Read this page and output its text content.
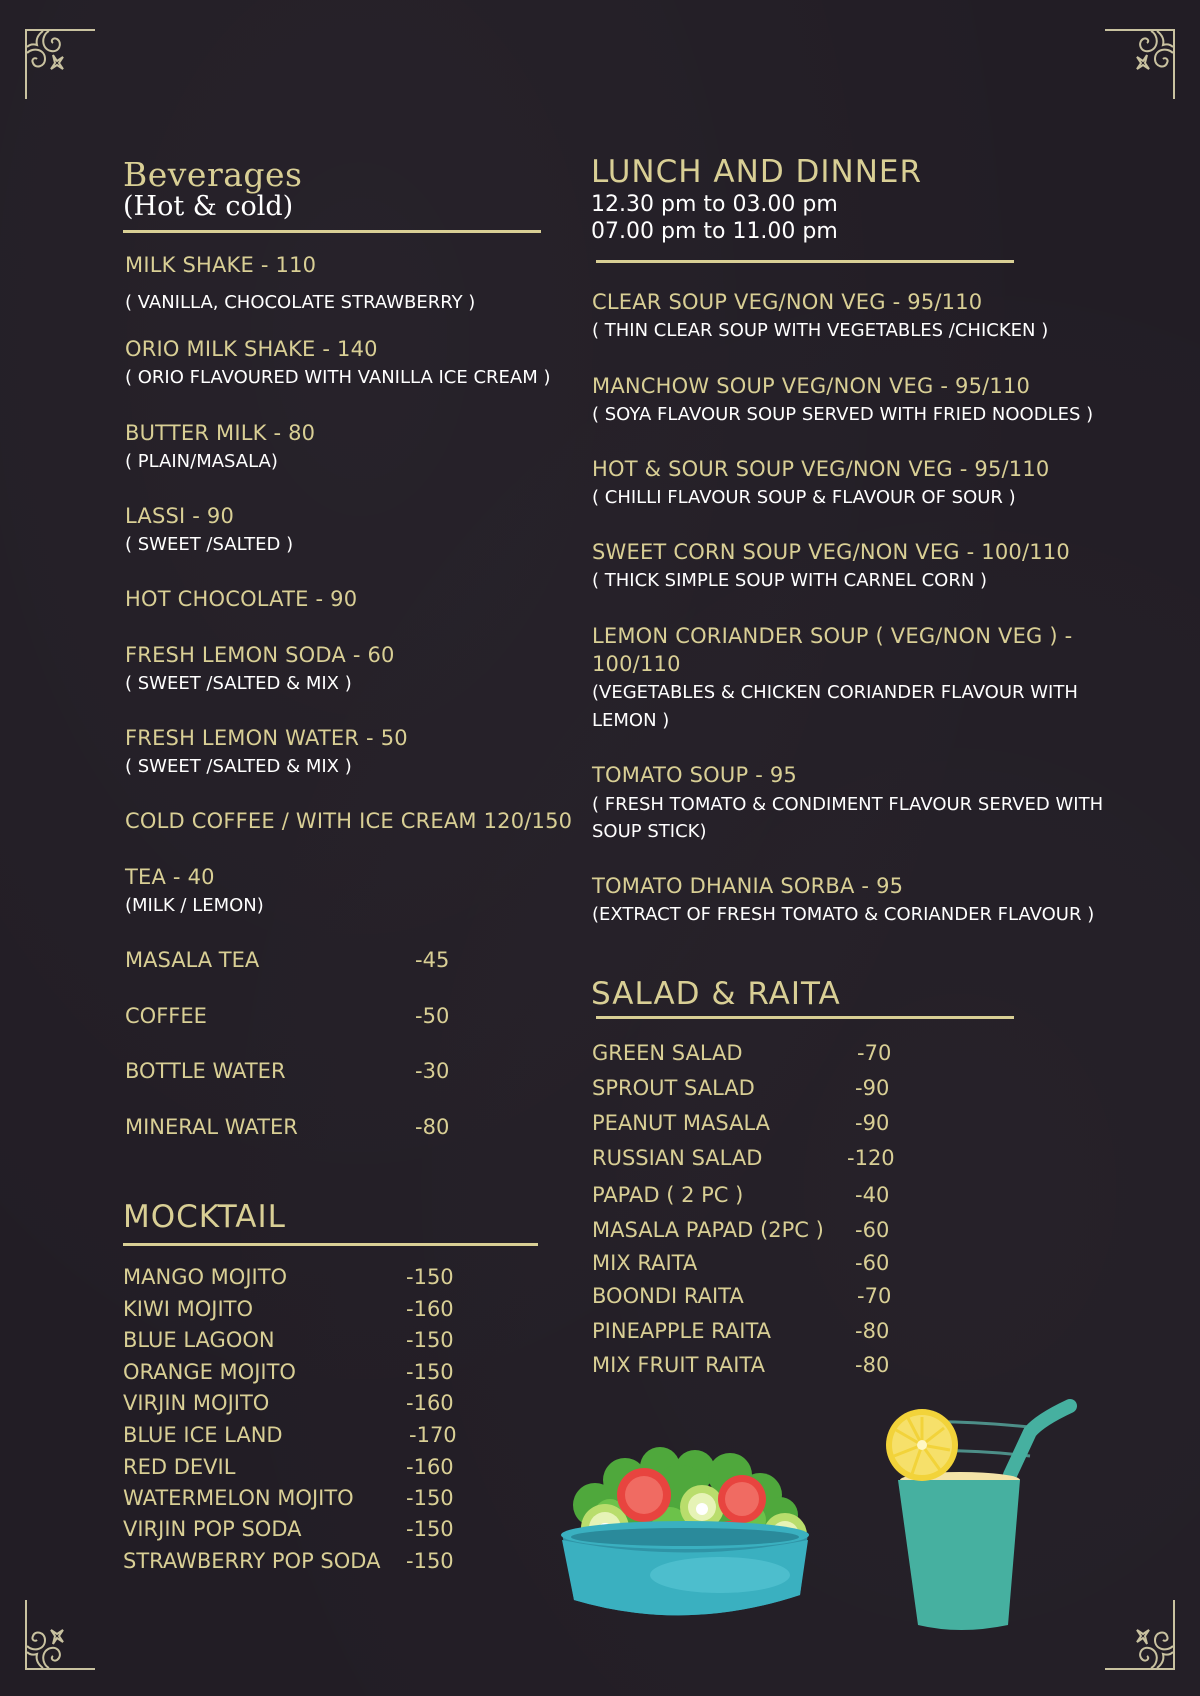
Beverages
(Hot & cold)
MILK SHAKE - 110
( VANILLA, CHOCOLATE STRAWBERRY )
ORIO MILK SHAKE - 140
( ORIO FLAVOURED WITH VANILLA ICE CREAM )
BUTTER MILK - 80
( PLAIN/MASALA)
LASSI - 90
( SWEET /SALTED )
HOT CHOCOLATE - 90
FRESH LEMON SODA - 60
( SWEET /SALTED & MIX )
FRESH LEMON WATER - 50
( SWEET /SALTED & MIX )
COLD COFFEE / WITH ICE CREAM 120/150
TEA - 40
(MILK / LEMON)
MASALA TEA	-45
COFFEE	-50
BOTTLE WATER	-30
MINERAL WATER	-80
MOCKTAIL
MANGO MOJITO	-150
KIWI MOJITO	-160
BLUE LAGOON	-150
ORANGE MOJITO	-150
VIRJIN MOJITO	-160
BLUE ICE LAND	-170
RED DEVIL	-160
WATERMELON MOJITO -150
VIRJIN POP SODA	-150
STRAWBERRY POP SODA -150
LUNCH AND DINNER
12.30 pm to 03.00 pm
07.00 pm to 11.00 pm
CLEAR SOUP VEG/NON VEG - 95/110
( THIN CLEAR SOUP WITH VEGETABLES /CHICKEN )
MANCHOW SOUP VEG/NON VEG - 95/110
( SOYA FLAVOUR SOUP SERVED WITH FRIED NOODLES )
HOT & SOUR SOUP VEG/NON VEG - 95/110
( CHILLI FLAVOUR SOUP & FLAVOUR OF SOUR )
SWEET CORN SOUP VEG/NON VEG - 100/110
( THICK SIMPLE SOUP WITH CARNEL CORN )
LEMON CORIANDER SOUP ( VEG/NON VEG ) -
100/110
(VEGETABLES & CHICKEN CORIANDER FLAVOUR WITH
LEMON )
TOMATO SOUP - 95
( FRESH TOMATO & CONDIMENT FLAVOUR SERVED WITH
SOUP STICK)
TOMATO DHANIA SORBA - 95
(EXTRACT OF FRESH TOMATO & CORIANDER FLAVOUR )
SALAD & RAITA
GREEN SALAD	-70
SPROUT SALAD	-90
PEANUT MASALA	-90
RUSSIAN SALAD	-120
PAPAD ( 2 PC )	-40
MASALA PAPAD (2PC ) -60
MIX RAITA	-60
BOONDI RAITA	-70
PINEAPPLE RAITA	-80
MIX FRUIT RAITA	-80
